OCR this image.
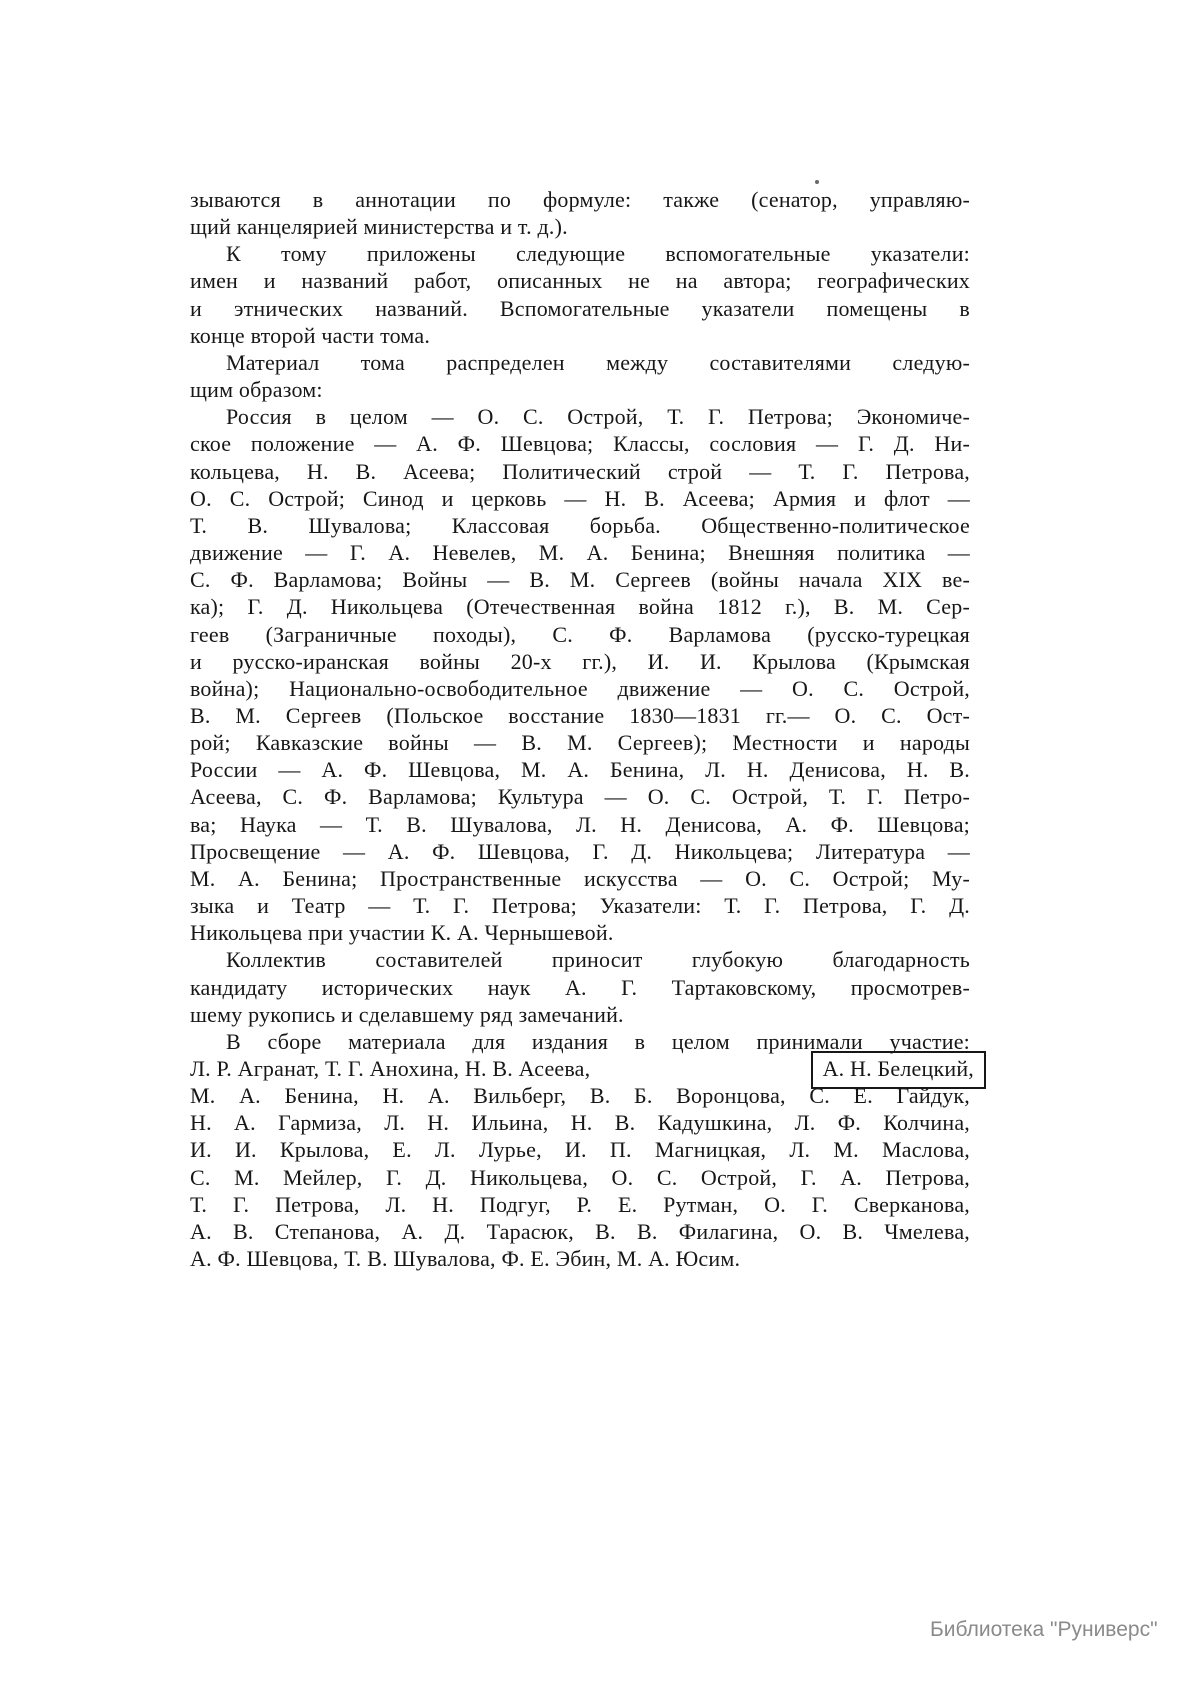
зываются в аннотации по формуле: также (сенатор, управляю-
щий канцелярией министерства и т. д.).
К тому приложены следующие вспомогательные указатели:
имен и названий работ, описанных не на автора; географических
и этнических названий. Вспомогательные указатели помещены в
конце второй части тома.
Материал тома распределен между составителями следую-
щим образом:
Россия в целом — О. С. Острой, Т. Г. Петрова; Экономиче-
ское положение — А. Ф. Шевцова; Классы, сословия — Г. Д. Ни-
кольцева, Н. В. Асеева; Политический строй — Т. Г. Петрова,
О. С. Острой; Синод и церковь — Н. В. Асеева; Армия и флот —
Т. В. Шувалова; Классовая борьба. Общественно-политическое
движение — Г. А. Невелев, М. А. Бенина; Внешняя политика —
С. Ф. Варламова; Войны — В. М. Сергеев (войны начала XIX ве-
ка); Г. Д. Никольцева (Отечественная война 1812 г.), В. М. Сер-
геев (Заграничные походы), С. Ф. Варламова (русско-турецкая
и русско-иранская войны 20-х гг.), И. И. Крылова (Крымская
война); Национально-освободительное движение — О. С. Острой,
В. М. Сергеев (Польское восстание 1830—1831 гг.— О. С. Ост-
рой; Кавказские войны — В. М. Сергеев); Местности и народы
России — А. Ф. Шевцова, М. А. Бенина, Л. Н. Денисова, Н. В.
Асеева, С. Ф. Варламова; Культура — О. С. Острой, Т. Г. Петро-
ва; Наука — Т. В. Шувалова, Л. Н. Денисова, А. Ф. Шевцова;
Просвещение — А. Ф. Шевцова, Г. Д. Никольцева; Литература —
М. А. Бенина; Пространственные искусства — О. С. Острой; Му-
зыка и Театр — Т. Г. Петрова; Указатели: Т. Г. Петрова, Г. Д.
Никольцева при участии К. А. Чернышевой.
Коллектив составителей приносит глубокую благодарность
кандидату исторических наук А. Г. Тартаковскому, просмотрев-
шему рукопись и сделавшему ряд замечаний.
В сборе материала для издания в целом принимали участие:
Л. Р. Агранат, Т. Г. Анохина, Н. В. Асеева,	А. Н. Белецкий,
М. А. Бенина, Н. А. Вильберг, В. Б. Воронцова, С. Е. Гайдук,
Н. А. Гармиза, Л. Н. Ильина, Н. В. Кадушкина, Л. Ф. Колчина,
И. И. Крылова, Е. Л. Лурье, И. П. Магницкая, Л. М. Маслова,
С. М. Мейлер, Г. Д. Никольцева, О. С. Острой, Г. А. Петрова,
Т. Г. Петрова, Л. Н. Подгуг, Р. Е. Рутман, О. Г. Сверканова,
А. В. Степанова, А. Д. Тарасюк, В. В. Филагина, О. В. Чмелева,
А. Ф. Шевцова, Т. В. Шувалова, Ф. Е. Эбин, М. А. Юсим.
Библиотека "Руниверс"
